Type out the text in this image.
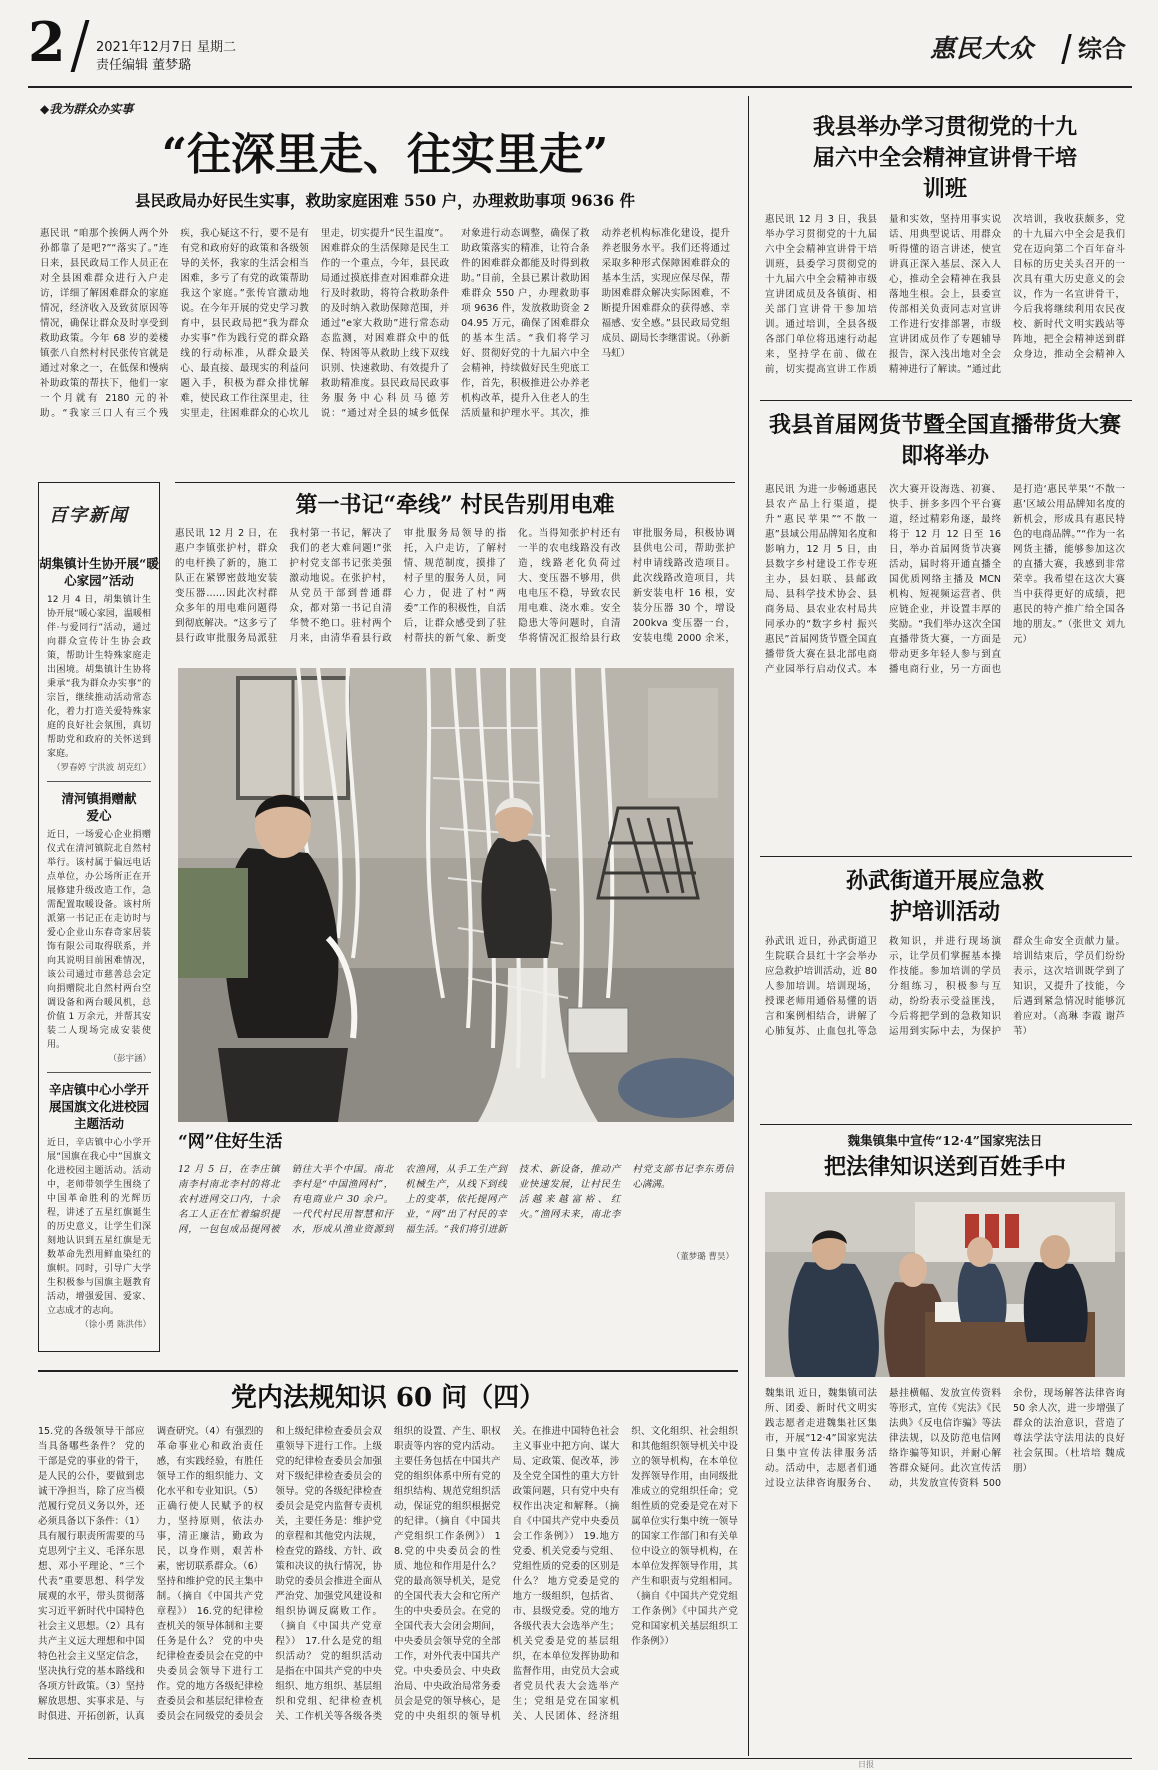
2 2021年12月7日 星期二
责任编辑 董梦璐
惠民大众 综合
◆我为群众办实事
“往深里走、往实里走”
县民政局办好民生实事，救助家庭困难 550 户，办理救助事项 9636 件
惠民讯 “咱那个挨俩人两个外孙都靠了是吧?”“落实了。”连日来，县民政局工作人员正在对全县困难群众进行入户走访，详细了解困难群众的家庭情况，经济收入及致贫原因等情况，确保让群众及时享受到救助政策。今年 68 岁的姜楼镇张八自然村村民张传官就是通过对象之一，在低保和慢病补助政策的帮扶下，他们一家一个月就有 2180 元的补助。“我家三口人有三个残疾，我心疑这不行，要不是有有党和政府好的政策和各级领导的关怀，我家的生活会相当困难，多亏了有党的政策帮助我这个家庭。”张传官激动地说。在今年开展的党史学习教育中，县民政局把“我为群众办实事”作为践行党的群众路线的行动标准，从群众最关心、最直接、最现实的利益问题入手，积极为群众排忧解难，使民政工作往深里走，往实里走，往困难群众的心坎儿里走，切实提升“民生温度”。困难群众的生活保障是民生工作的一个重点，今年，县民政局通过摸底排查对困难群众进行及时救助，将符合救助条件的及时纳入救助保障范围，并通过“e家大救助”进行常态动态监测，对困难群众中的低保、特困等从救助上线下双线识别、快速救助、有效提升了救助精准度。县民政局民政事务服务中心科员马德芳说：“通过对全县的城乡低保对象进行动态调整，确保了救助政策落实的精准，让符合条件的困难群众都能及时得到救助。”目前，全县已累计救助困难群众 550 户，办理救助事项 9636 件，发放救助资金 204.95 万元，确保了困难群众的基本生活。“我们将学习好、贯彻好党的十九届六中全会精神，持续做好民生兜底工作，首先，积极推进公办养老机构改革，提升入住老人的生活质量和护理水平。其次，推动养老机构标准化建设，提升养老服务水平。我们还将通过采取多种形式保障困难群众的基本生活，实现应保尽保，帮助困难群众解决实际困难，不断提升困难群众的获得感、幸福感、安全感。”县民政局党组成员、副局长李继雷说。（孙新 马虹）
百字新闻
胡集镇计生协开展“暖心家园”活动
12 月 4 日，胡集镇计生协开展“暖心家园，温暖相伴·与爱同行”活动，通过向群众宣传计生协会政策，帮助计生特殊家庭走出困境。胡集镇计生协将秉承“我为群众办实事”的宗旨，继续推动活动常态化，着力打造关爱特殊家庭的良好社会氛围，真切帮助党和政府的关怀送到家庭。
（罗春婷 宁洪波 胡克红）
清河镇捐赠献爱心
近日，一场爱心企业捐赠仪式在清河镇院北自然村举行。该村属于偏远电话点单位，办公场所正在开展修建升级改造工作，急需配置取暖设备。该村所派第一书记正在走访时与爱心企业山东春奇家居装饰有限公司取得联系，并向其说明目前困难情况，该公司通过市慈善总会定向捐赠院北自然村两台空调设备和两台暖风机，总价值 1 万余元，并帮其安装二人现场完成安装使用。
（彭宇涵）
辛店镇中心小学开展国旗文化进校园主题活动
近日，辛店镇中心小学开展“国旗在我心中”国旗文化进校园主题活动。活动中，老师带领学生围绕了中国革命胜利的光辉历程，讲述了五星红旗诞生的历史意义，让学生们深刻地认识到五星红旗是无数革命先烈用鲜血染红的旗帜。同时，引导广大学生积极参与国旗主题教育活动，增强爱国、爱家、立志成才的志向。
（徐小勇 陈洪伟）
第一书记“牵线” 村民告别用电难
惠民讯 12 月 2 日，在惠户李镇张护村，群众的电杆换了新的，施工队正在紧锣密鼓地安装变压器……因此次村群众多年的用电难问题得到彻底解决。“这多亏了县行政审批服务局派驻我村第一书记，解决了我们的老大难问题!”张护村党支部书记张美强激动地说。在张护村，从党员干部到普通群众，都对第一书记自清华赞不绝口。驻村两个月来，由清华看县行政审批服务局领导的指托，入户走访，了解村情、规范制度，摸排了村子里的服务人员，同心力，促进了村“两委”工作的积极性，自活后，让群众感受到了驻村帮扶的新气象、新变化。当得知张护村还有一半的农电线路没有改造，线路老化负荷过大、变压器不够用，供电电压不稳，导致农民用电难、浇水难。安全隐患大等问题时，自清华将情况汇报给县行政审批服务局，积极协调县供电公司，帮助张护村申请线路改造项目。此次线路改造项目，共新安装电杆 16 根，安装分压器 30 个，增设 200kva 变压器一台，安装电缆 2000 余米，
“网”住好生活
12 月 5 日，在李庄镇南李村南北李村的将北农村进网交口内，十余名工人正在忙着编织提网，一包包成品提网被销往大半个中国。南北李村是“中国渔网村”，有电商业户 30 余户。一代代村民用智慧和汗水，形成从渔业资源到农渔网，从手工生产到机械生产，从线下到线上的变革，依托提网产业，“网”出了村民的幸福生活。“我们将引进新技术、新设备，推动产业快速发展，让村民生活越来越富裕、红火。”渔网未来，南北李村党支部书记李东勇信心满满。
（董梦璐 曹昊）
党内法规知识 60 问（四）
15.党的各级领导干部应当具备哪些条件？ 党的干部是党的事业的骨干，是人民的公仆，要做到忠诚干净担当，除了应当模范履行党员义务以外，还必须具备以下条件：（1）具有履行职责所需要的马克思列宁主义、毛泽东思想、邓小平理论、“三个代表”重要思想、科学发展观的水平，带头贯彻落实习近平新时代中国特色社会主义思想。（2）具有共产主义远大理想和中国特色社会主义坚定信念，坚决执行党的基本路线和各项方针政策。（3）坚持解放思想、实事求是、与时俱进、开拓创新，认真调查研究。（4）有强烈的革命事业心和政治责任感，有实践经验，有胜任领导工作的组织能力、文化水平和专业知识。（5）正确行使人民赋予的权力，坚持原则，依法办事，清正廉洁，勤政为民，以身作则，艰苦朴素，密切联系群众。（6）坚持和维护党的民主集中制。（摘自《中国共产党章程》） 16.党的纪律检查机关的领导体制和主要任务是什么？ 党的中央纪律检查委员会在党的中央委员会领导下进行工作。党的地方各级纪律检查委员会和基层纪律检查委员会在同级党的委员会和上级纪律检查委员会双重领导下进行工作。上级党的纪律检查委员会加强对下级纪律检查委员会的领导。党的各级纪律检查委员会是党内监督专责机关，主要任务是：维护党的章程和其他党内法规，检查党的路线、方针、政策和决议的执行情况，协助党的委员会推进全面从严治党、加强党风建设和组织协调反腐败工作。（摘自《中国共产党章程》） 17.什么是党的组织活动？ 党的组织活动是指在中国共产党的中央组织、地方组织、基层组织和党组、纪律检查机关、工作机关等各级各类组织的设置、产生、职权职责等内容的党内活动。主要任务包括在中国共产党的组织体系中所有党的组织结构、规范党组织活动，保证党的组织根据党的纪律。（摘自《中国共产党组织工作条例》） 18.党的中央委员会的性质、地位和作用是什么？ 党的最高领导机关，是党的全国代表大会和它所产生的中央委员会。在党的全国代表大会闭会期间，中央委员会领导党的全部工作，对外代表中国共产党。中央委员会、中央政治局、中央政治局常务委员会是党的领导核心，是党的中央组织的领导机关。在推进中国特色社会主义事业中把方向、谋大局、定政策、促改革，涉及全党全国性的重大方针政策问题，只有党中央有权作出决定和解释。（摘自《中国共产党中央委员会工作条例》） 19.地方党委、机关党委与党组、党组性质的党委的区别是什么？ 地方党委是党的地方一级组织，包括省、市、县级党委。党的地方各级代表大会选举产生；机关党委是党的基层组织，在本单位发挥协助和监督作用，由党员大会或者党员代表大会选举产生；党组是党在国家机关、人民团体、经济组织、文化组织、社会组织和其他组织领导机关中设立的领导机构，在本单位发挥领导作用，由同级批准成立的党组织任命；党组性质的党委是党在对下属单位实行集中统一领导的国家工作部门和有关单位中设立的领导机构，在本单位发挥领导作用，其产生和职责与党组相同。（摘自《中国共产党党组工作条例》《中国共产党党和国家机关基层组织工作条例》）
我县举办学习贯彻党的十九届六中全会精神宣讲骨干培训班
惠民讯 12 月 3 日，我县举办学习贯彻党的十九届六中全会精神宣讲骨干培训班，县委学习贯彻党的十九届六中全会精神市级宣讲团成员及各镇街、相关部门宣讲骨干参加培训。通过培训，全县各级各部门单位将迅速行动起来，坚持学在前、做在前，切实提高宣讲工作质量和实效，坚持用事实说话、用典型说话、用群众听得懂的语言讲述，使宣讲真正深入基层、深入人心，推动全会精神在我县落地生根。会上，县委宣传部相关负责同志对宣讲工作进行安排部署，市级宣讲团成员作了专题辅导报告，深入浅出地对全会精神进行了解读。“通过此次培训，我收获颇多，党的十九届六中全会是我们党在迈向第二个百年奋斗目标的历史关头召开的一次具有重大历史意义的会议，作为一名宣讲骨干，今后我将继续利用农民夜校、新时代文明实践站等阵地，把全会精神送到群众身边，推动全会精神入
我县首届网货节暨全国直播带货大赛即将举办
惠民讯 为进一步畅通惠民县农产品上行渠道，提升“惠民苹果”“不散一惠”县域公用品牌知名度和影响力，12 月 5 日，由县数字乡村建设工作专班主办，县妇联、县邮政局、县科学技术协会、县商务局、县农业农村局共同承办的“数字乡村 振兴惠民”首届网货节暨全国直播带货大赛在县北部电商产业园举行启动仪式。本次大赛开设海选、初赛、快手、拼多多四个平台赛道，经过精彩角逐，最终将于 12 月 12 日至 16 日，举办首届网货节决赛活动，届时将开通直播全国优质网络主播及 MCN 机构、短视频运营者、供应链企业，并设置丰厚的奖励。“我们举办这次全国直播带货大赛，一方面是带动更多年轻人参与到直播电商行业，另一方面也是打造‘惠民苹果’‘不散一惠’区域公用品牌知名度的新机会，形成具有惠民特色的电商品牌。”“作为一名网货主播，能够参加这次的直播大赛，我感到非常荣幸。我希望在这次大赛当中获得更好的成绩，把惠民的特产推广给全国各地的朋友。”（张世文 刘九元）
孙武街道开展应急救护培训活动
孙武讯 近日，孙武街道卫生院联合县红十字会举办应急救护培训活动，近 80 人参加培训。培训现场，授课老师用通俗易懂的语言和案例相结合，讲解了心肺复苏、止血包扎等急救知识，并进行现场演示，让学员们掌握基本操作技能。参加培训的学员分组练习，积极参与互动，纷纷表示受益匪浅，今后将把学到的急救知识运用到实际中去，为保护群众生命安全贡献力量。培训结束后，学员们纷纷表示，这次培训既学到了知识，又提升了技能，今后遇到紧急情况时能够沉着应对。（高琳 李霞 谢芦苇）
魏集镇集中宣传“12·4”国家宪法日
把法律知识送到百姓手中
魏集讯 近日，魏集镇司法所、团委、新时代文明实践志愿者走进魏集社区集市，开展“12·4”国家宪法日集中宣传法律服务活动。活动中，志愿者们通过设立法律咨询服务台、悬挂横幅、发放宣传资料等形式，宣传《宪法》《民法典》《反电信诈骗》等法律法规，以及防范电信网络诈骗等知识，并耐心解答群众疑问。此次宣传活动，共发放宣传资料 500 余份，现场解答法律咨询 50 余人次，进一步增强了群众的法治意识，营造了尊法学法守法用法的良好社会氛围。（杜培培 魏成朋）
日报
